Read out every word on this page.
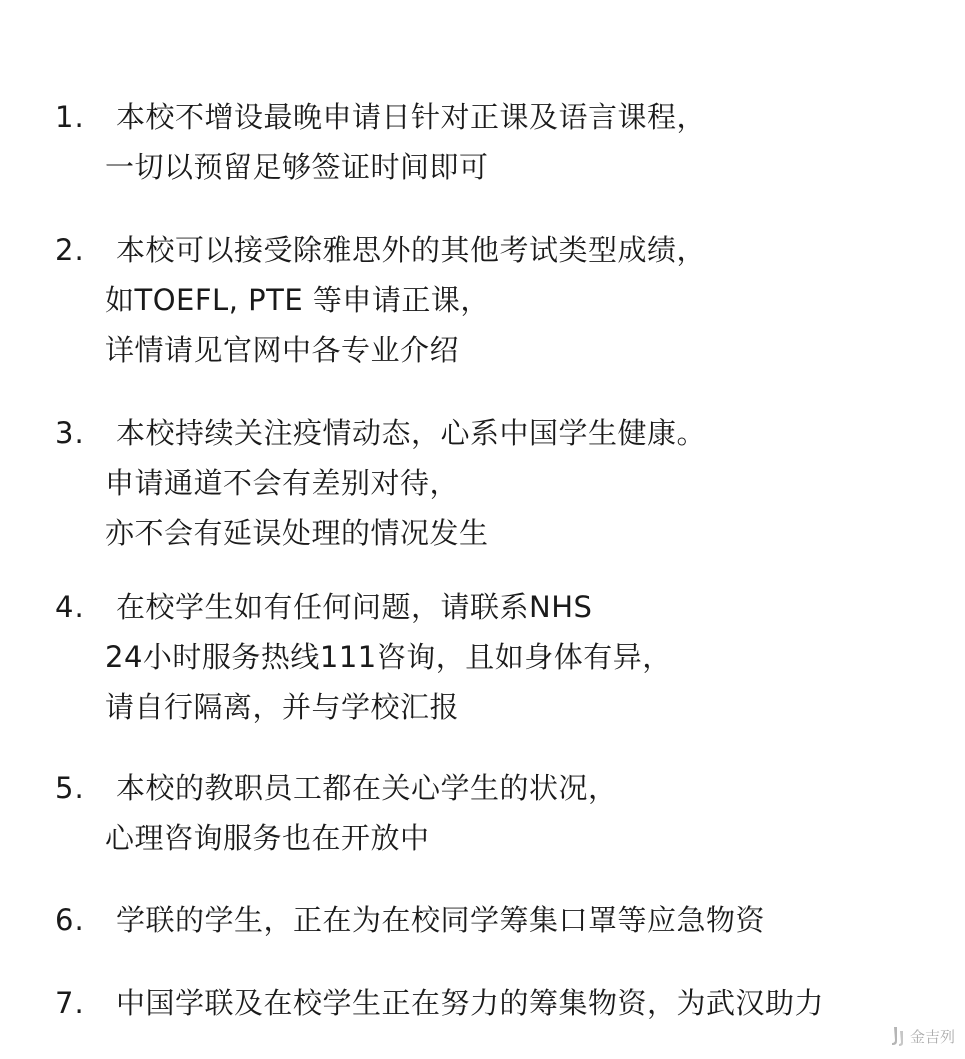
1. 本校不增设最晚申请日针对正课及语言课程，
一切以预留足够签证时间即可
2. 本校可以接受除雅思外的其他考试类型成绩，
如TOEFL, PTE 等申请正课，
详情请见官网中各专业介绍
3. 本校持续关注疫情动态，心系中国学生健康。
申请通道不会有差别对待，
亦不会有延误处理的情况发生
4. 在校学生如有任何问题，请联系NHS
24小时服务热线111咨询，且如身体有异，
请自行隔离，并与学校汇报
5. 本校的教职员工都在关心学生的状况，
心理咨询服务也在开放中
6. 学联的学生，正在为在校同学筹集口罩等应急物资
7. 中国学联及在校学生正在努力的筹集物资，为武汉助力
金吉列
